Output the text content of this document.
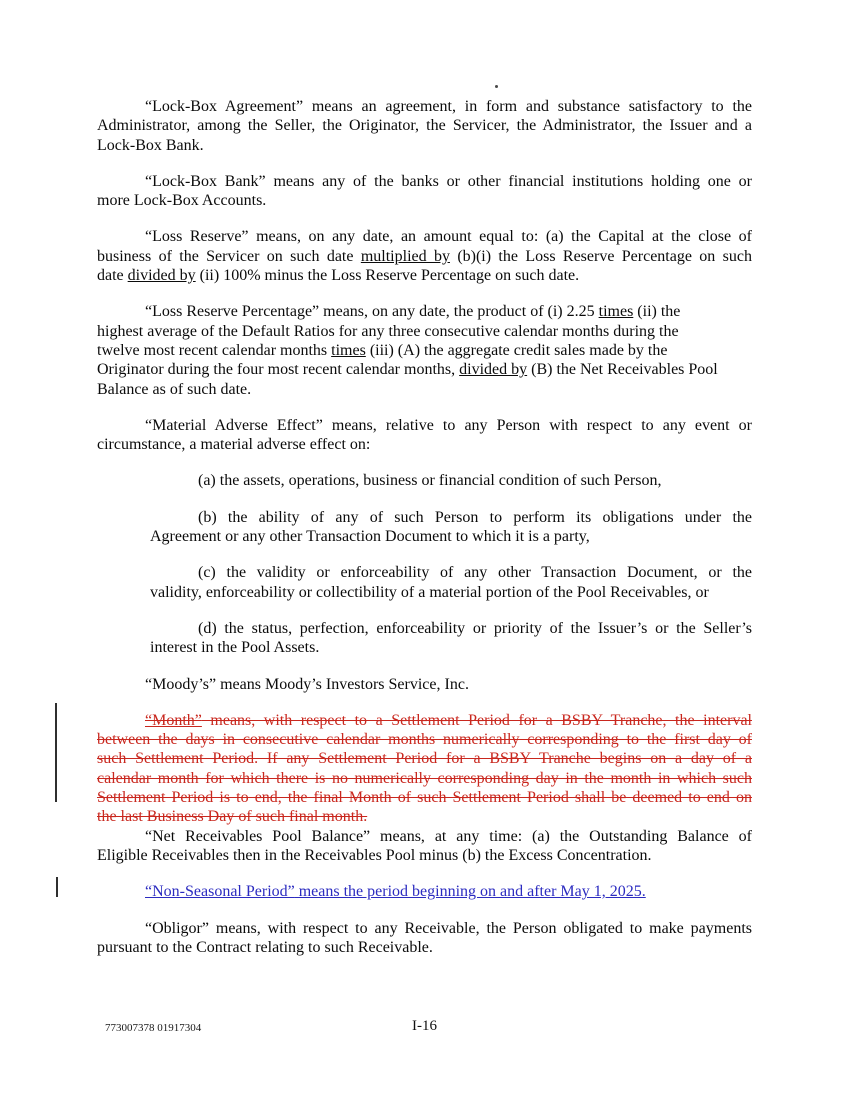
“Lock-Box Agreement” means an agreement, in form and substance satisfactory to the
Administrator, among the Seller, the Originator, the Servicer, the Administrator, the Issuer and a
Lock-Box Bank.
“Lock-Box Bank” means any of the banks or other financial institutions holding one or
more Lock-Box Accounts.
“Loss Reserve” means, on any date, an amount equal to: (a) the Capital at the close of
business of the Servicer on such date multiplied by (b)(i) the Loss Reserve Percentage on such
date divided by (ii) 100% minus the Loss Reserve Percentage on such date.
“Loss Reserve Percentage” means, on any date, the product of (i) 2.25 times (ii) the
highest average of the Default Ratios for any three consecutive calendar months during the
twelve most recent calendar months times (iii) (A) the aggregate credit sales made by the
Originator during the four most recent calendar months, divided by (B) the Net Receivables Pool
Balance as of such date.
“Material Adverse Effect” means, relative to any Person with respect to any event or
circumstance, a material adverse effect on:
(a) the assets, operations, business or financial condition of such Person,
(b) the ability of any of such Person to perform its obligations under the
Agreement or any other Transaction Document to which it is a party,
(c) the validity or enforceability of any other Transaction Document, or the
validity, enforceability or collectibility of a material portion of the Pool Receivables, or
(d) the status, perfection, enforceability or priority of the Issuer’s or the Seller’s
interest in the Pool Assets.
“Moody’s” means Moody’s Investors Service, Inc.
“Month” means, with respect to a Settlement Period for a BSBY Tranche, the interval
between the days in consecutive calendar months numerically corresponding to the first day of
such Settlement Period. If any Settlement Period for a BSBY Tranche begins on a day of a
calendar month for which there is no numerically corresponding day in the month in which such
Settlement Period is to end, the final Month of such Settlement Period shall be deemed to end on
the last Business Day of such final month.
“Net Receivables Pool Balance” means, at any time: (a) the Outstanding Balance of
Eligible Receivables then in the Receivables Pool minus (b) the Excess Concentration.
“Non-Seasonal Period” means the period beginning on and after May 1, 2025.
“Obligor” means, with respect to any Receivable, the Person obligated to make payments
pursuant to the Contract relating to such Receivable.
773007378 01917304	I-16
